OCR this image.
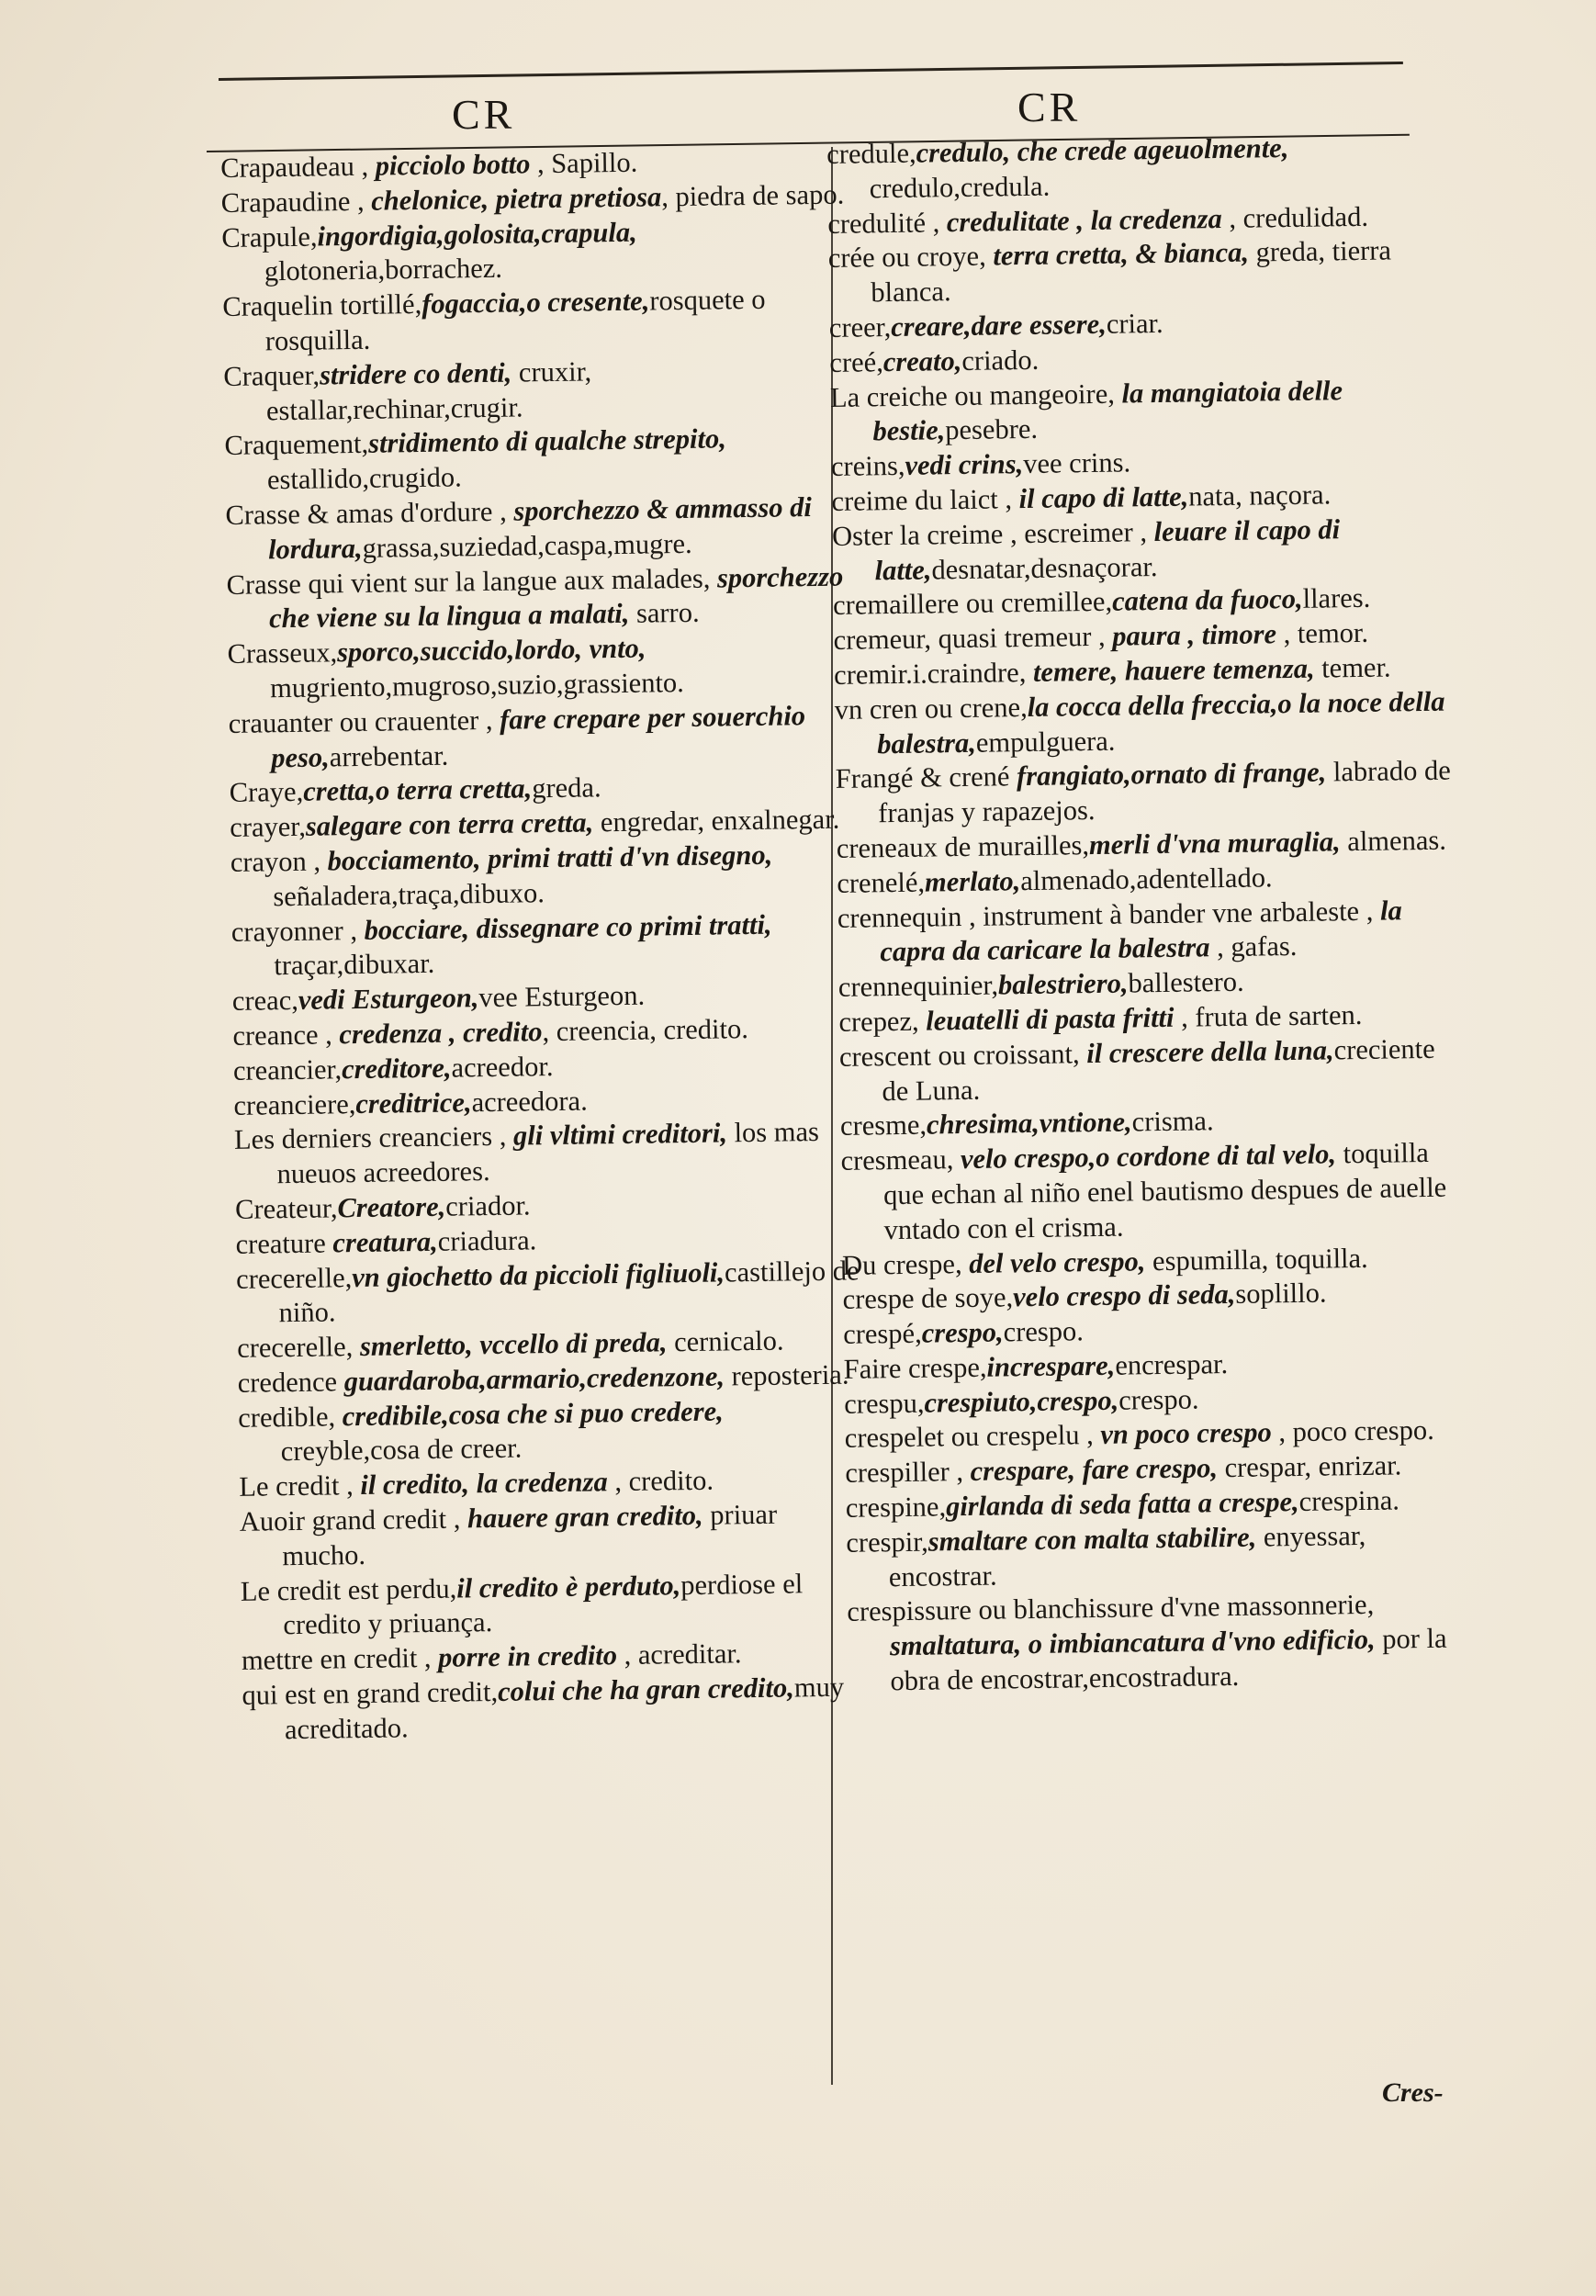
CR	CR

Crapaudeau , picciolo botto , Sapillo.

Crapaudine , chelonice, pietra pretiosa, piedra de sapo.

Crapule,ingordigia,golosita,crapula, glotoneria,borrachez.

Craquelin tortillé,fogaccia,o cresente,rosquete o rosquilla.

Craquer,stridere co denti, cruxir, estallar,rechinar,crugir.

Craquement,stridimento di qualche strepito, estallido,crugido.

Crasse & amas d'ordure , sporchezzo & ammasso di lordura,grassa,suziedad,caspa,mugre.

Crasse qui vient sur la langue aux malades, sporchezzo che viene su la lingua a malati, sarro.

Crasseux,sporco,succido,lordo, vnto, mugriento,mugroso,suzio,grassiento.

crauanter ou crauenter , fare crepare per souerchio peso,arrebentar.

Craye,cretta,o terra cretta,greda.

crayer,salegare con terra cretta, engredar, enxalnegar.

crayon , bocciamento, primi tratti d'vn disegno, señaladera,traça,dibuxo.

crayonner , bocciare, dissegnare co primi tratti, traçar,dibuxar.

creac,vedi Esturgeon,vee Esturgeon.

creance , credenza , credito, creencia, credito.

creancier,creditore,acreedor.

creanciere,creditrice,acreedora.

Les derniers creanciers , gli vltimi creditori, los mas nueuos acreedores.

Createur,Creatore,criador.

creature creatura,criadura.

crecerelle,vn giochetto da piccioli figliuoli,castillejo de niño.

crecerelle, smerletto, vccello di preda, cernicalo.

credence guardaroba,armario,credenzone, reposteria.

credible, credibile,cosa che si puo credere, creyble,cosa de creer.

Le credit , il credito, la credenza , credito.

Auoir grand credit , hauere gran credito, priuar mucho.

Le credit est perdu,il credito è perduto,perdiose el credito y priuança.

mettre en credit , porre in credito , acreditar.

qui est en grand credit,colui che ha gran credito,muy acreditado.

credule,credulo, che crede ageuolmente, credulo,credula.

credulité , credulitate , la credenza , credulidad.

crée ou croye, terra cretta, & bianca, greda, tierra blanca.

creer,creare,dare essere,criar.

creé,creato,criado.

La creiche ou mangeoire, la mangiatoia delle bestie,pesebre.

creins,vedi crins,vee crins.

creime du laict , il capo di latte,nata, naçora.

Oster la creime , escreimer , leuare il capo di latte,desnatar,desnaçorar.

cremaillere ou cremillee,catena da fuoco,llares.

cremeur, quasi tremeur , paura , timore , temor.

cremir.i.craindre, temere, hauere temenza, temer.

vn cren ou crene,la cocca della freccia,o la noce della balestra,empulguera.

Frangé & crené frangiato,ornato di frange, labrado de franjas y rapazejos.

creneaux de murailles,merli d'vna muraglia, almenas.

crenelé,merlato,almenado,adentellado.

crennequin , instrument à bander vne arbaleste , la capra da caricare la balestra , gafas.

crennequinier,balestriero,ballestero.

crepez, leuatelli di pasta fritti , fruta de sarten.

crescent ou croissant, il crescere della luna,creciente de Luna.

cresme,chresima,vntione,crisma.

cresmeau, velo crespo,o cordone di tal velo, toquilla que echan al niño enel bautismo despues de auelle vntado con el crisma.

Du crespe, del velo crespo, espumilla, toquilla.

crespe de soye,velo crespo di seda,soplillo.

crespé,crespo,crespo.

Faire crespe,increspare,encrespar.

crespu,crespiuto,crespo,crespo.

crespelet ou crespelu , vn poco crespo , poco crespo.

crespiller , crespare, fare crespo, crespar, enrizar.

crespine,girlanda di seda fatta a crespe,crespina.

crespir,smaltare con malta stabilire, enyessar, encostrar.

crespissure ou blanchissure d'vne massonnerie, smaltatura, o imbiancatura d'vno edificio, por la obra de encostrar,encostradura.

Cres-
